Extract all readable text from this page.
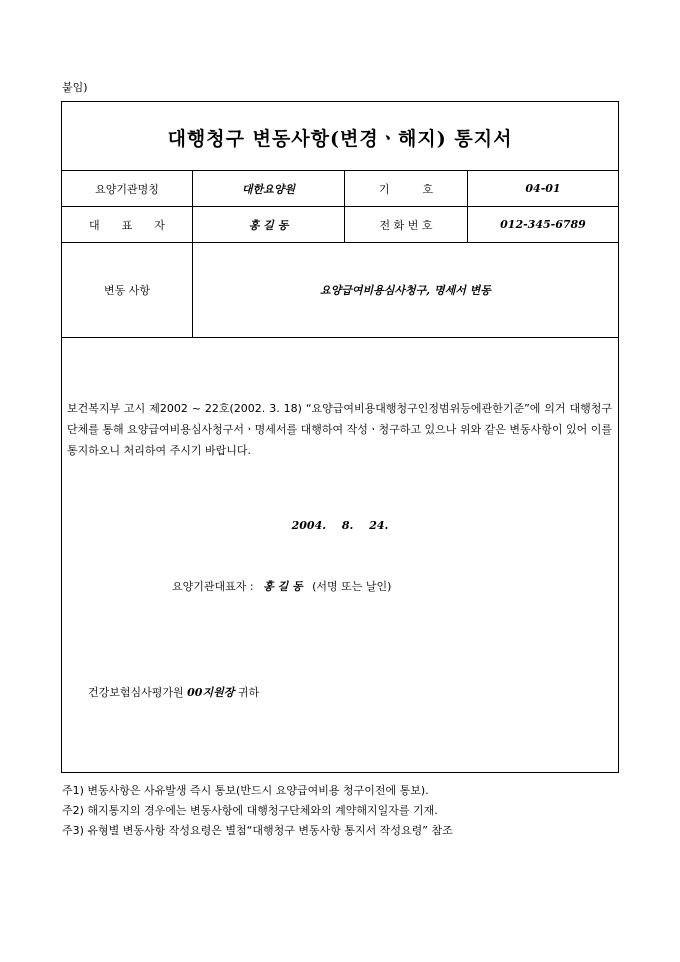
붙임)
대행청구 변동사항(변경ㆍ해지) 통지서
요양기관명칭	대한요양원	기　　　호	04-01
대　　표　　자	홍 길 동	전 화 번 호	012-345-6789
변동 사항	요양급여비용심사청구, 명세서 변동
보건복지부 고시 제2002 ~ 22호(2002. 3. 18) “요양급여비용대행청구인정범위등에관한기준”에 의거 대행청구단체를 통해 요양급여비용심사청구서ㆍ명세서를 대행하여 작성ㆍ청구하고 있으나 위와 같은 변동사항이 있어 이를 통지하오니 처리하여 주시기 바랍니다.
2004. 8. 24.
요양기관대표자 : 홍 길 동 (서명 또는 날인)
건강보험심사평가원 00지원장 귀하
주1) 변동사항은 사유발생 즉시 통보(반드시 요양급여비용 청구이전에 통보).
주2) 해지통지의 경우에는 변동사항에 대행청구단체와의 계약해지일자를 기재.
주3) 유형별 변동사항 작성요령은 별첨“대행청구 변동사항 통지서 작성요령” 참조
